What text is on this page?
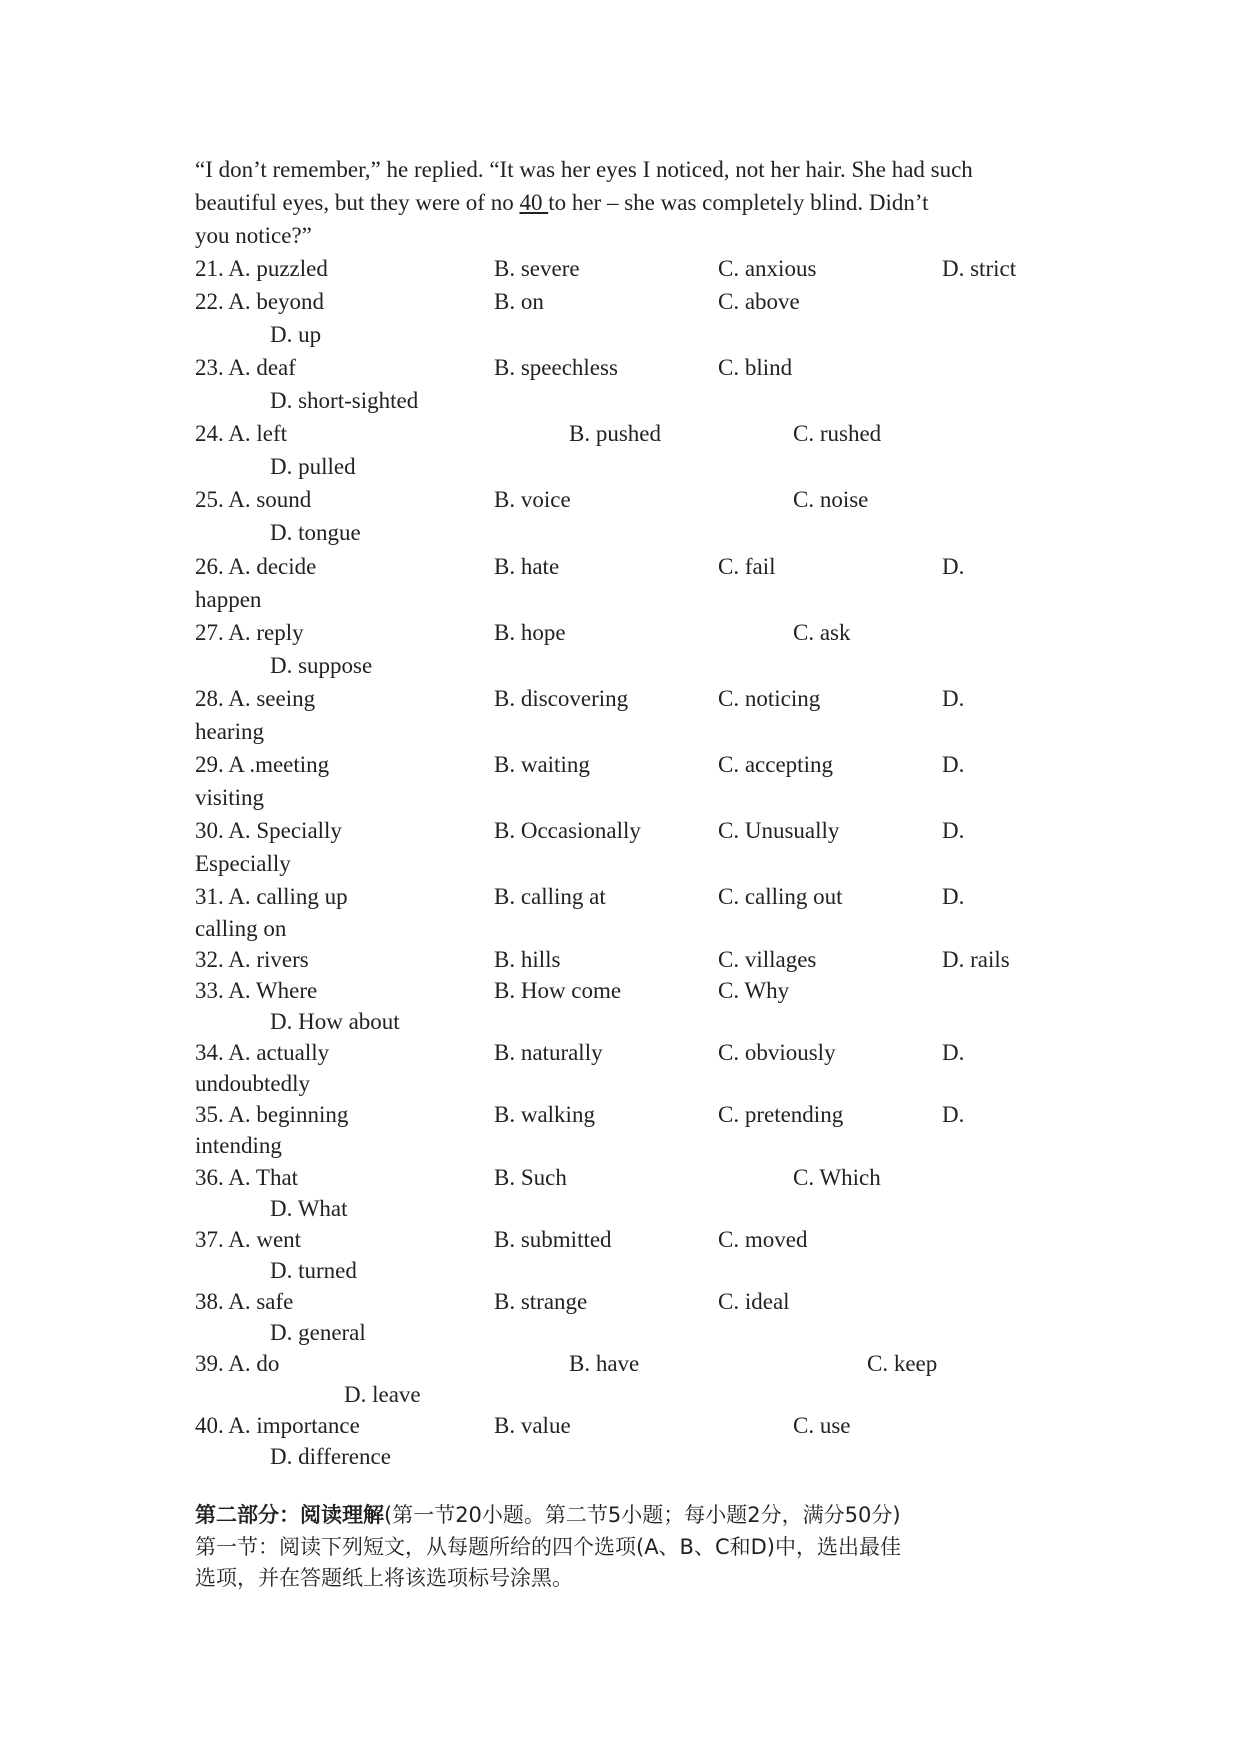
“I don’t remember,” he replied. “It was her eyes I noticed, not her hair. She had such
beautiful eyes, but they were of no 40 to her – she was completely blind. Didn’t
you notice?”
21. A. puzzled	B. severe	C. anxious	D. strict
22. A. beyond	B. on	C. above
D. up
23. A. deaf	B. speechless	C. blind
D. short-sighted
24. A. left	B. pushed	C. rushed
D. pulled
25. A. sound	B. voice	C. noise
D. tongue
26. A. decide	B. hate	C. fail	D.
happen
27. A. reply	B. hope	C. ask
D. suppose
28. A. seeing	B. discovering	C. noticing	D.
hearing
29. A .meeting	B. waiting	C. accepting	D.
visiting
30. A. Specially	B. Occasionally	C. Unusually	D.
Especially
31. A. calling up	B. calling at	C. calling out	D.
calling on
32. A. rivers	B. hills	C. villages	D. rails
33. A. Where	B. How come	C. Why
D. How about
34. A. actually	B. naturally	C. obviously	D.
undoubtedly
35. A. beginning	B. walking	C. pretending	D.
intending
36. A. That	B. Such	C. Which
D. What
37. A. went	B. submitted	C. moved
D. turned
38. A. safe	B. strange	C. ideal
D. general
39. A. do	B. have	C. keep
D. leave
40. A. importance	B. value	C. use
D. difference
第二部分：阅读理解(第一节20小题。第二节5小题；每小题2分，满分50分)
第一节：阅读下列短文，从每题所给的四个选项(A、B、C和D)中，选出最佳
选项，并在答题纸上将该选项标号涂黑。
